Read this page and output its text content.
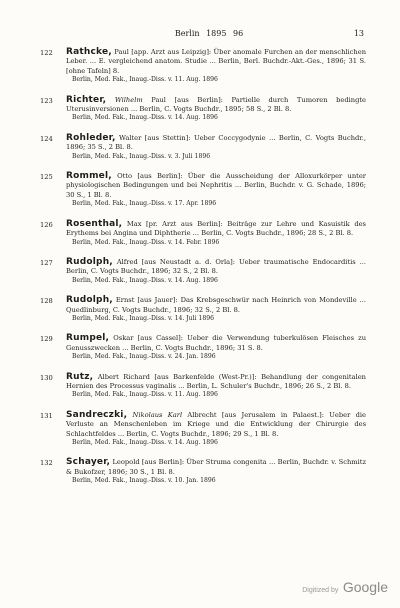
Berlin 1895 96	13
122 Rathcke, Paul [app. Arzt aus Leipzig]: Über anomale Furchen an der menschlichen Leber. ... E. vergleichend anatom. Studie ... Berlin, Berl. Buchdr.-Akt.-Ges., 1896; 31 S. [ohne Tafeln] 8.
Berlin, Med. Fak., Inaug.-Diss. v. 11. Aug. 1896
123 Richter, Wilhelm Paul [aus Berlin]: Partielle durch Tumoren bedingte Uterusinversionen ... Berlin, C. Vogts Buchdr., 1895; 58 S., 2 Bl. 8.
Berlin, Med. Fak., Inaug.-Diss. v. 14. Aug. 1896
124 Rohleder, Walter [aus Stettin]: Ueber Coccygodynie ... Berlin, C. Vogts Buchdr., 1896; 35 S., 2 Bl. 8.
Berlin, Med. Fak., Inaug.-Diss. v. 3. Juli 1896
125 Rommel, Otto [aus Berlin]: Über die Ausscheidung der Alloxurkörper unter physiologischen Bedingungen und bei Nephritis ... Berlin, Buchdr. v. G. Schade, 1896; 30 S., 1 Bl. 8.
Berlin, Med. Fak., Inaug.-Diss. v. 17. Apr. 1896
126 Rosenthal, Max [pr. Arzt aus Berlin]: Beiträge zur Lehre und Kasuistik des Erythems bei Angina und Diphtherie ... Berlin, C. Vogts Buchdr., 1896; 28 S., 2 Bl. 8.
Berlin, Med. Fak., Inaug.-Diss. v. 14. Febr. 1896
127 Rudolph, Alfred [aus Neustadt a. d. Orla]: Ueber traumatische Endocarditis ... Berlin, C. Vogts Buchdr., 1896; 32 S., 2 Bl. 8.
Berlin, Med. Fak., Inaug.-Diss. v. 14. Aug. 1896
128 Rudolph, Ernst [aus Jauer]: Das Krebsgeschwür nach Heinrich von Mondeville ... Quedlinburg, C. Vogts Buchdr., 1896; 32 S., 2 Bl. 8.
Berlin, Med. Fak., Inaug.-Diss. v. 14. Juli 1896
129 Rumpel, Oskar [aus Cassel]: Ueber die Verwendung tuberkulösen Fleisches zu Genusszwecken ... Berlin, C. Vogts Buchdr., 1896; 31 S. 8.
Berlin, Med. Fak., Inaug.-Diss. v. 24. Jan. 1896
130 Rutz, Albert Richard [aus Barkenfelde (West-Pr.)]: Behandlung der congenitalen Hernien des Processus vaginalis ... Berlin, L. Schuler's Buchdr., 1896; 26 S., 2 Bl. 8.
Berlin, Med. Fak., Inaug.-Diss. v. 11. Aug. 1896
131 Sandreczki, Nikolaus Karl Albrecht [aus Jerusalem in Palaest.]: Ueber die Verluste an Menschenleben im Kriege und die Entwicklung der Chirurgie des Schlachtfeldes ... Berlin, C. Vogts Buchdr., 1896; 29 S., 1 Bl. 8.
Berlin, Med. Fak., Inaug.-Diss. v. 14. Aug. 1896
132 Schayer, Leopold [aus Berlin]: Über Struma congenita ... Berlin, Buchdr. v. Schmitz & Bukofzer, 1896; 30 S., 1 Bl. 8.
Berlin, Med. Fak., Inaug.-Diss. v. 10. Jan. 1896
Digitized by Google
